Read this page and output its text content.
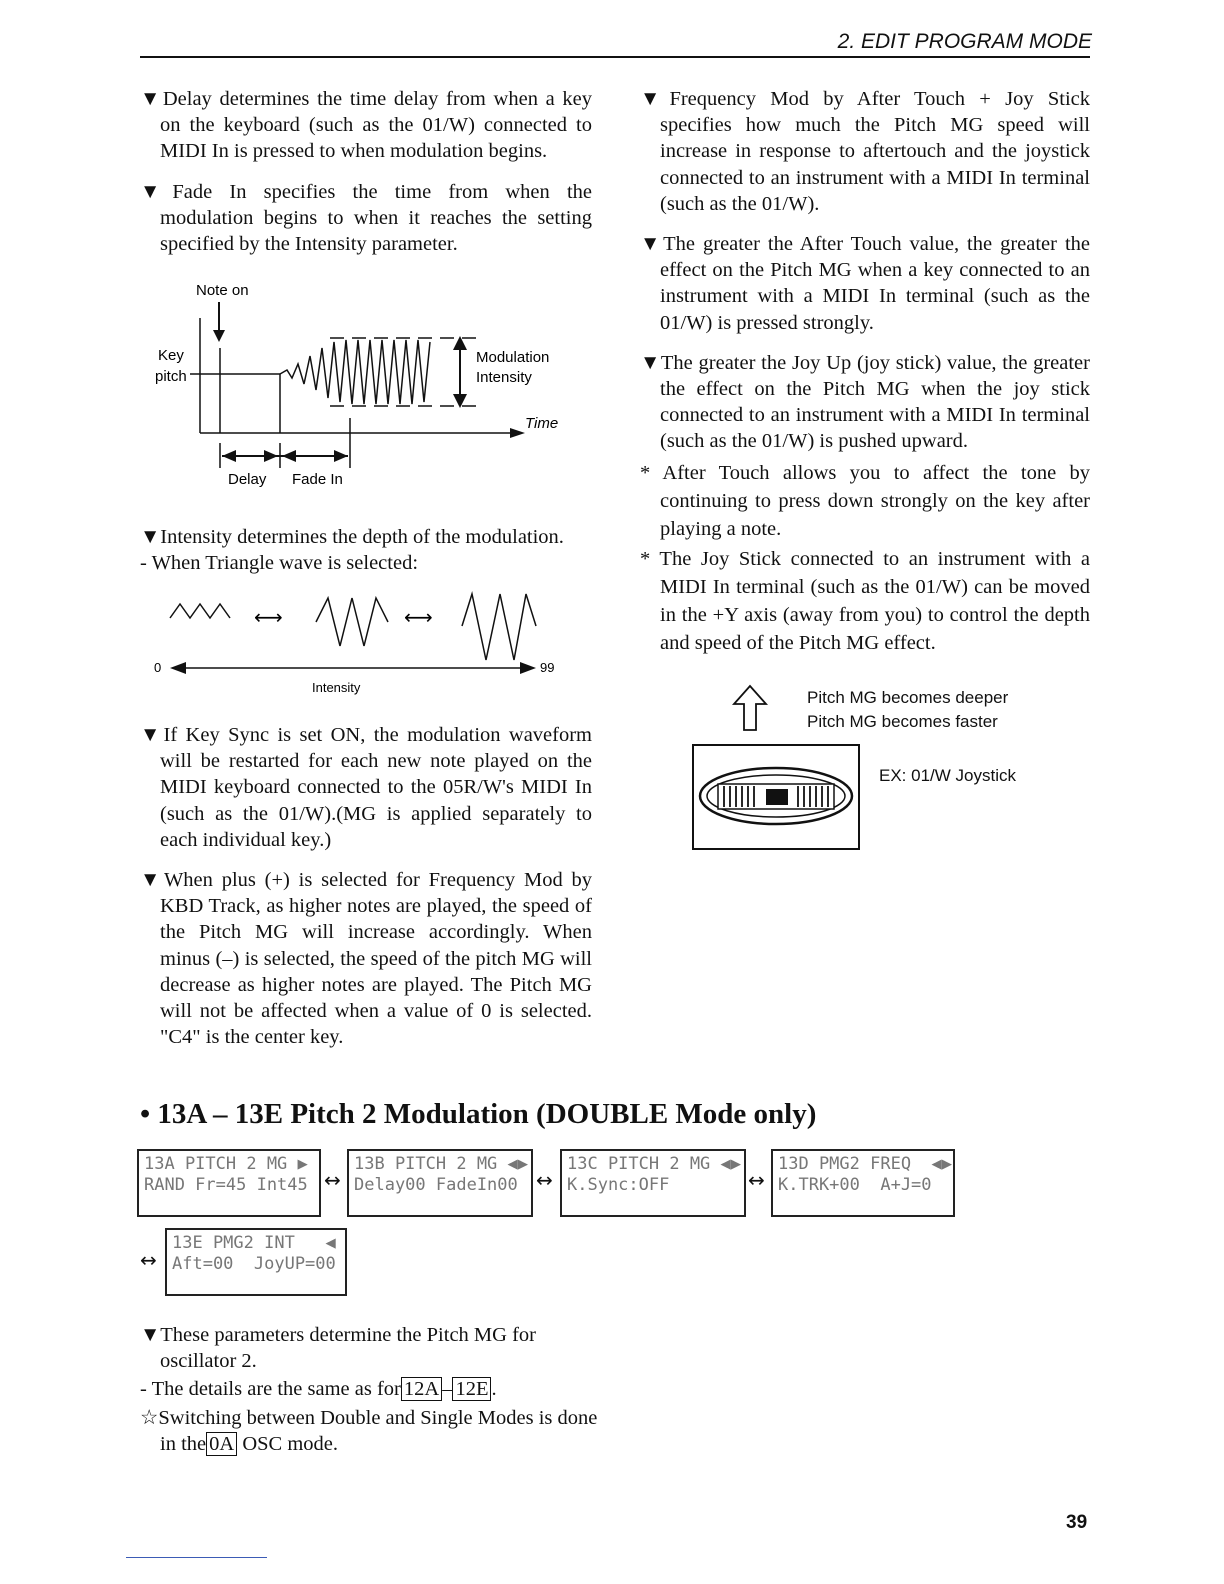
2. EDIT PROGRAM MODE

▼Delay determines the time delay from when a key on the keyboard (such as the 01/W) connected to MIDI In is pressed to when modulation begins.

▼Fade In specifies the time from when the modulation begins to when it reaches the setting specified by the Intensity parameter.

Note on
Key
pitch
Time
Modulation
Intensity
Delay Fade In

▼Intensity determines the depth of the modulation.

- When Triangle wave is selected:

⟷	⟷
0	99
Intensity

▼If Key Sync is set ON, the modulation waveform will be restarted for each new note played on the MIDI keyboard connected to the 05R/W's MIDI In (such as the 01/W).(MG is applied separately to each individual key.)

▼When plus (+) is selected for Frequency Mod by KBD Track, as higher notes are played, the speed of the Pitch MG will increase accordingly. When minus (–) is selected, the speed of the pitch MG will decrease as higher notes are played. The Pitch MG will not be affected when a value of 0 is selected. "C4" is the center key.

▼Frequency Mod by After Touch + Joy Stick specifies how much the Pitch MG speed will increase in response to aftertouch and the joystick connected to an instrument with a MIDI In terminal (such as the 01/W).

▼The greater the After Touch value, the greater the effect on the Pitch MG when a key connected to an instrument with a MIDI In terminal (such as the 01/W) is pressed strongly.

▼The greater the Joy Up (joy stick) value, the greater the effect on the Pitch MG when the joy stick connected to an instrument with a MIDI In terminal (such as the 01/W) is pushed upward.

* After Touch allows you to affect the tone by continuing to press down strongly on the key after playing a note.

* The Joy Stick connected to an instrument with a MIDI In terminal (such as the 01/W) can be moved in the +Y axis (away from you) to control the depth and speed of the Pitch MG effect.

Pitch MG becomes deeper
Pitch MG becomes faster
EX: 01/W Joystick
• 13A – 13E Pitch 2 Modulation (DOUBLE Mode only)
13A PITCH 2 MG ▶
RAND Fr=45 Int45 ↔
13B PITCH 2 MG ◀▶
Delay00 FadeIn00 ↔
13C PITCH 2 MG ◀▶
K.Sync:OFF	↔
13D PMG2 FREQ  ◀▶
K.TRK+00  A+J=0
↔
13E PMG2 INT   ◀
Aft=00  JoyUP=00

▼These parameters determine the Pitch MG for oscillator 2.

- The details are the same as for 12A – 12E .

☆Switching between Double and Single Modes is done in the 0A OSC mode.

39
